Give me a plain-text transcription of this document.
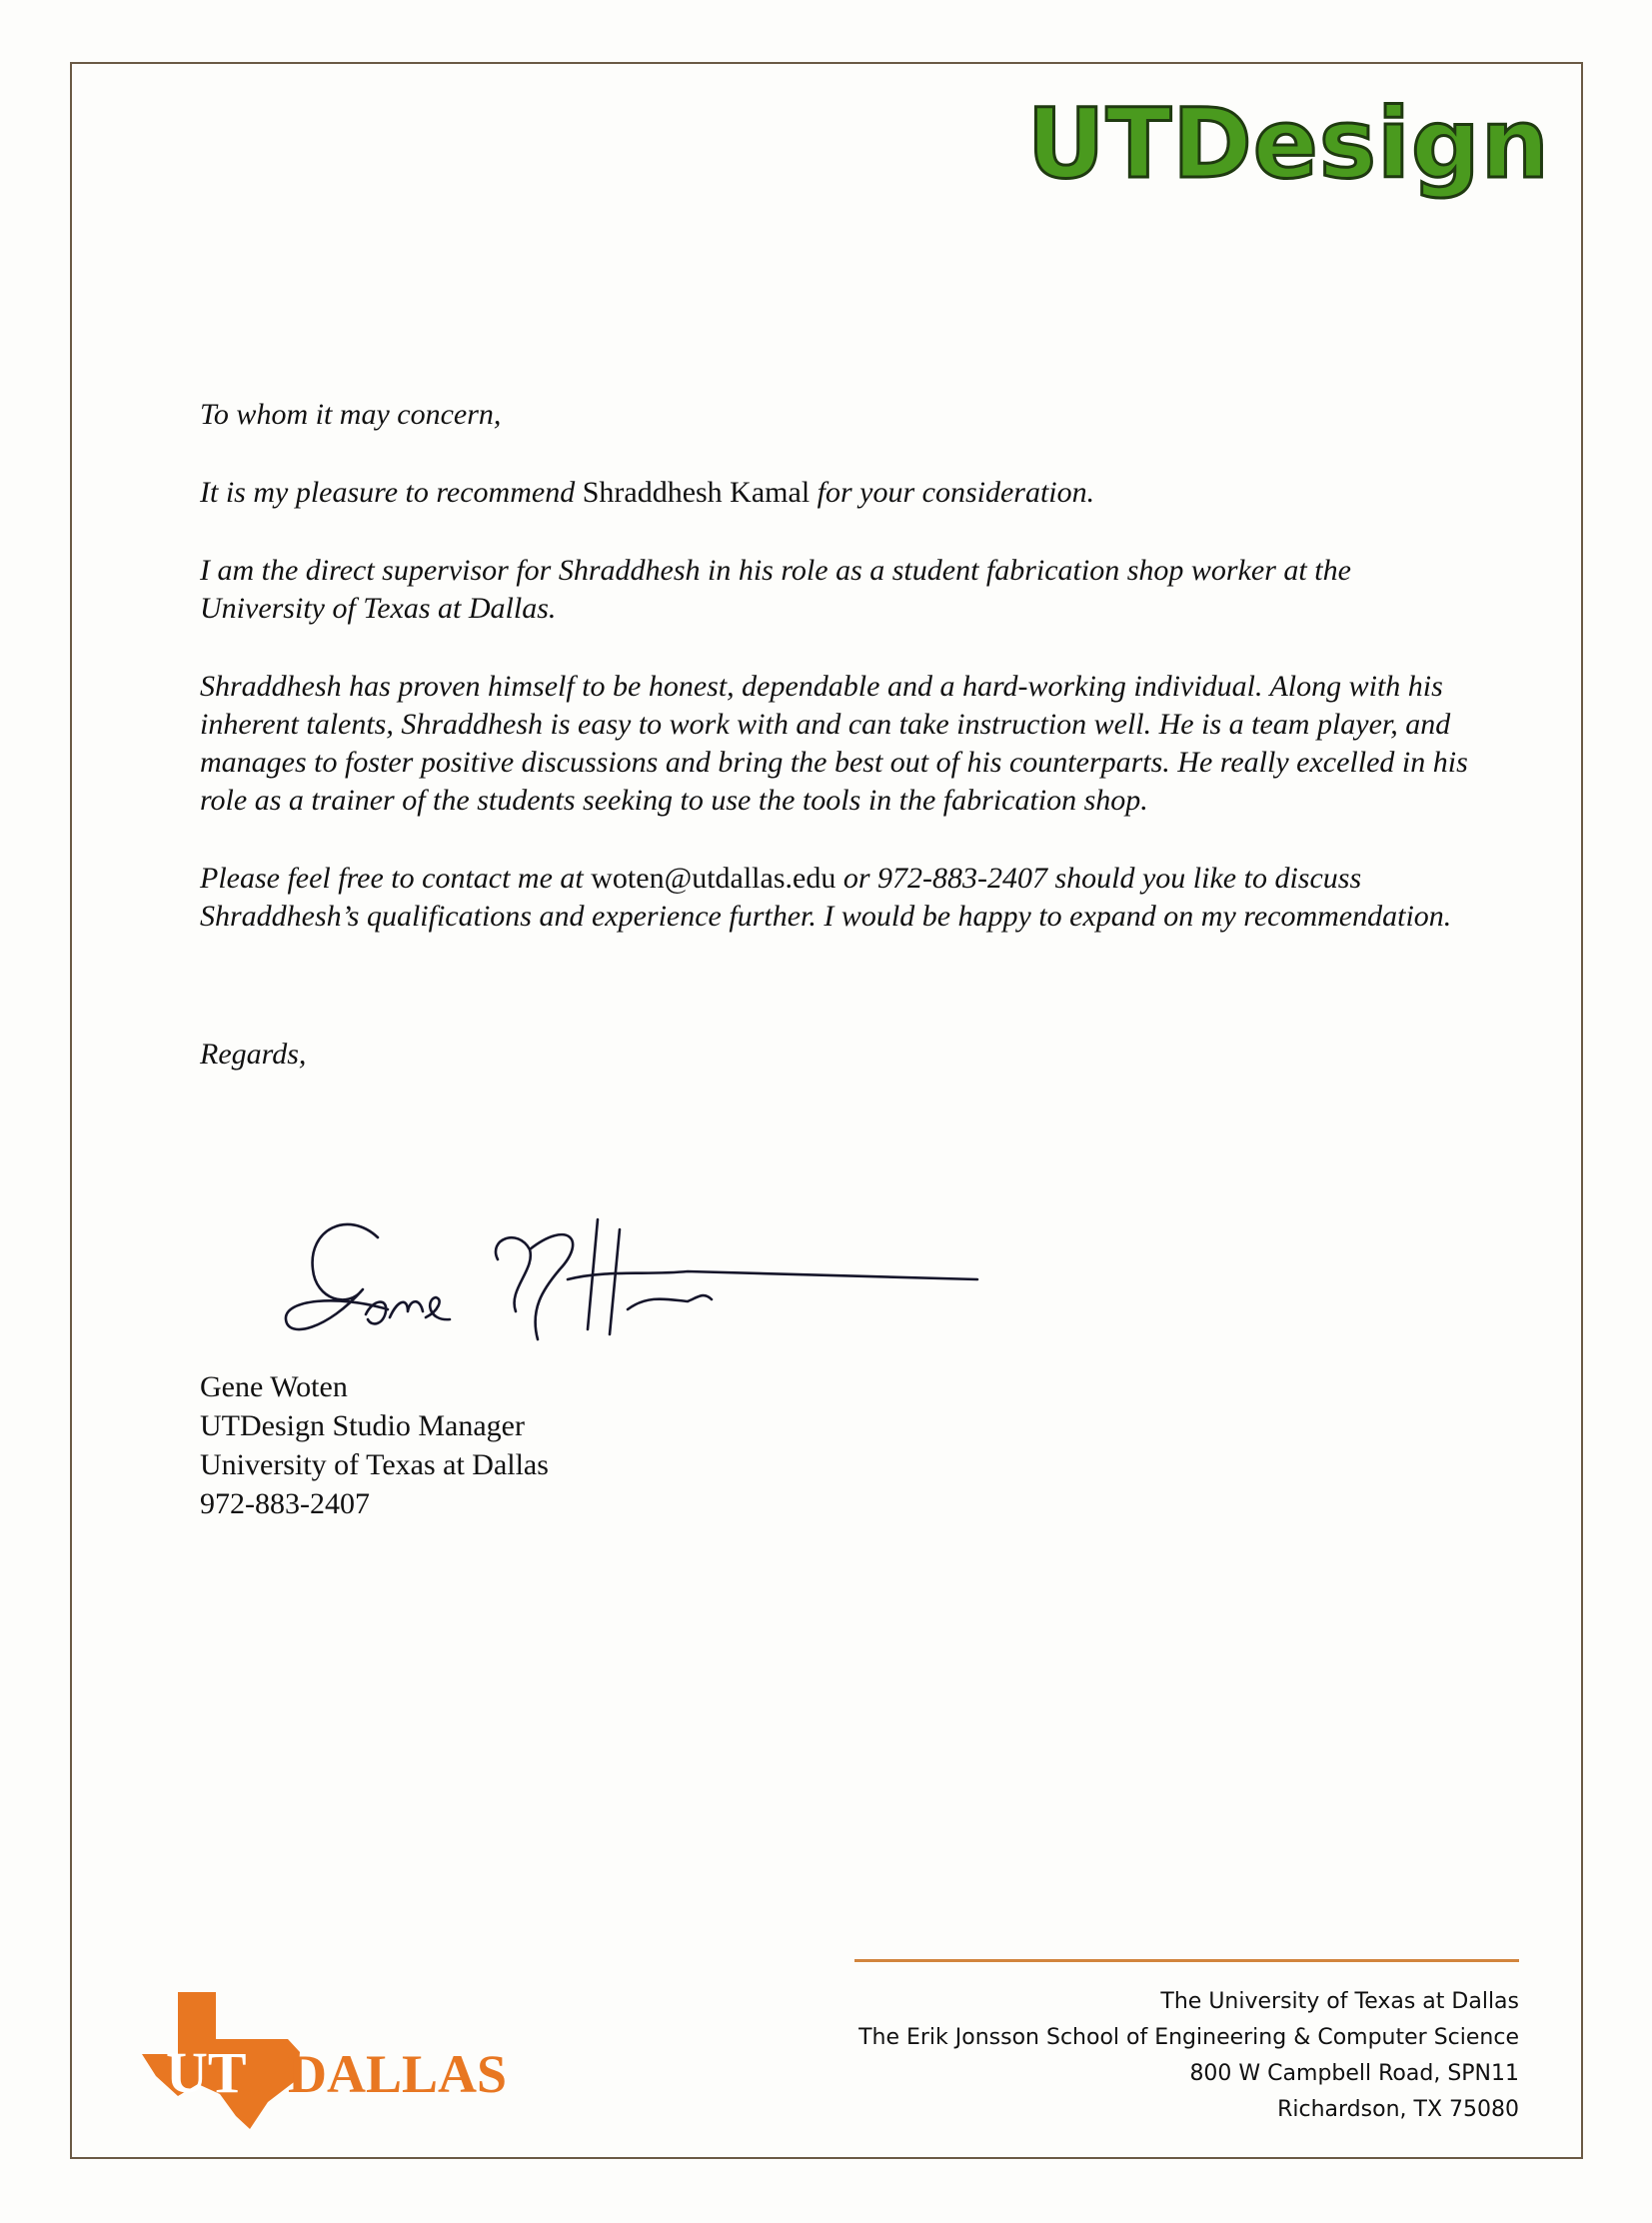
UTDesign

To whom it may concern,

It is my pleasure to recommend Shraddhesh Kamal for your consideration.

I am the direct supervisor for Shraddhesh in his role as a student fabrication shop worker at the University of Texas at Dallas.

Shraddhesh has proven himself to be honest, dependable and a hard-working individual. Along with his inherent talents, Shraddhesh is easy to work with and can take instruction well. He is a team player, and manages to foster positive discussions and bring the best out of his counterparts. He really excelled in his role as a trainer of the students seeking to use the tools in the fabrication shop.

Please feel free to contact me at woten@utdallas.edu or 972-883-2407 should you like to discuss Shraddhesh’s qualifications and experience further. I would be happy to expand on my recommendation.

Regards,

Gene Woten
UTDesign Studio Manager
University of Texas at Dallas
972-883-2407
UT DALLAS
The University of Texas at Dallas
The Erik Jonsson School of Engineering & Computer Science
800 W Campbell Road, SPN11
Richardson, TX 75080
